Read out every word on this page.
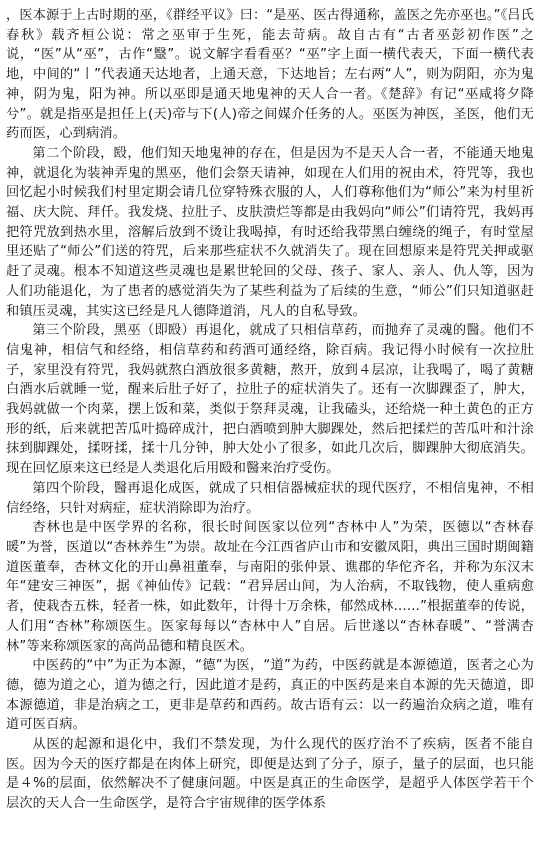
，医本源于上古时期的巫，《群经平议》曰：“是巫、医古得通称，盖医之先亦巫也。”《吕氏春秋》载齐桓公说：常之巫审于生死，能去苛病。故自古有“古者巫彭初作医”之说，“医”从“巫”，古作“毉”。说文解字看看巫？“巫”字上面一横代表天，下面一横代表地，中间的“丨”代表通天达地者，上通天意，下达地旨；左右两“人”，则为阴阳，亦为鬼神，阴为鬼，阳为神。所以巫即是通天地鬼神的天人合一者。《楚辞》有记“巫咸将夕降兮”。就是指巫是担任上(天)帝与下(人)帝之间媒介任务的人。巫医为神医，圣医，他们无药而医，心到病消。

第二个阶段，殹，他们知天地鬼神的存在，但是因为不是天人合一者，不能通天地鬼神，就退化为装神弄鬼的黑巫，他们会祭天请神，如现在人们用的祝由术，符咒等，我也回忆起小时候我们村里定期会请几位穿特殊衣服的人，人们尊称他们为“师公”来为村里祈福、庆大院、拜仟。我发烧、拉肚子、皮肤溃烂等都是由我妈向“师公”们请符咒，我妈再把符咒放到热水里，溶解后放到不烫让我喝掉，有时还给我带黑白缠绕的绳子，有时堂屋里还贴了“师公”们送的符咒，后来那些症状不久就消失了。现在回想原来是符咒关押或驱赶了灵魂。根本不知道这些灵魂也是累世轮回的父母、孩子、家人、亲人、仇人等，因为人们功能退化，为了患者的感觉消失为了某些利益为了后续的生意，“师公”们只知道驱赶和镇压灵魂，其实这已经是凡人德降道消，凡人的自私导致。

第三个阶段，黑巫（即殹）再退化，就成了只相信草药，而抛弃了灵魂的醫。他们不信鬼神，相信气和经络，相信草药和药酒可通经络，除百病。我记得小时候有一次拉肚子，家里没有符咒，我妈就熬白酒放很多黄糖，熬开，放到４层凉，让我喝了，喝了黄糖白酒水后就睡一觉，醒来后肚子好了，拉肚子的症状消失了。还有一次脚踝歪了，肿大，我妈就做一个肉菜，摆上饭和菜，类似于祭拜灵魂，让我磕头，还给烧一种土黄色的正方形的纸，后来就把苦瓜叶捣碎成汁，把白酒喷到肿大脚踝处，然后把揉烂的苦瓜叶和汁涂抹到脚踝处，揉呀揉，揉十几分钟，肿大处小了很多，如此几次后，脚踝肿大彻底消失。现在回忆原来这已经是人类退化后用殹和醫来治疗受伤。

第四个阶段，醫再退化成医，就成了只相信器械症状的现代医疗，不相信鬼神，不相信经络，只针对病症，症状消除即为治疗。

杏林也是中医学界的名称，很长时间医家以位列“杏林中人”为荣，医德以“杏林春暖”为誉，医道以“杏林养生”为崇。故址在今江西省庐山市和安徽凤阳，典出三国时期闽籍道医董奉，杏林文化的开山鼻祖董奉，与南阳的张仲景、谯郡的华佗齐名，并称为东汉末年“建安三神医”，据《神仙传》记载：“君异居山间，为人治病，不取钱物，使人重病愈者，使栽杏五株，轻者一株，如此数年，计得十万余株，郁然成林……”根据董奉的传说，人们用“杏林”称颂医生。医家每每以“杏林中人”自居。后世遂以“杏林春暖”、“誉满杏林”等来称颂医家的高尚品德和精良医术。

中医药的“中”为正为本源，“德”为医，“道”为药，中医药就是本源德道，医者之心为德，德为道之心，道为德之行，因此道才是药，真正的中医药是来自本源的先天德道，即本源德道，非是治病之工，更非是草药和西药。故古语有云：以一药遍治众病之道，唯有道可医百病。

从医的起源和退化中，我们不禁发现，为什么现代的医疗治不了疾病，医者不能自医。因为今天的医疗都是在肉体上研究，即便是达到了分子，原子，量子的层面，也只能是４%的层面，依然解决不了健康问题。中医是真正的生命医学，是超乎人体医学若干个层次的天人合一生命医学，是符合宇宙规律的医学体系
